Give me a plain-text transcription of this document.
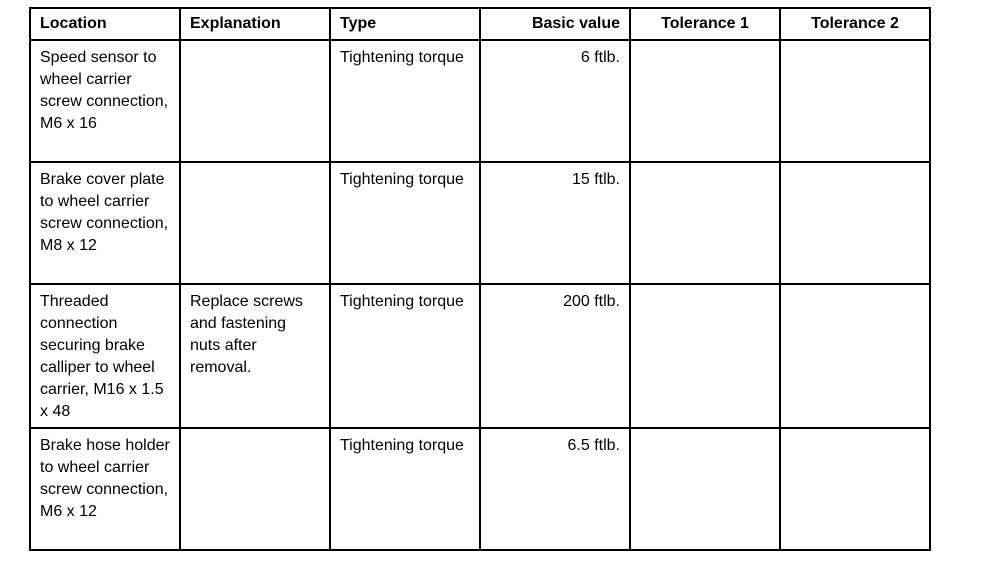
Location	Explanation	Type	Basic value	Tolerance 1	Tolerance 2
Speed sensor to wheel carrier screw connection, M6 x 16		Tightening torque	6 ftlb.		
Brake cover plate to wheel carrier screw connection, M8 x 12		Tightening torque	15 ftlb.		
Threaded connection securing brake calliper to wheel carrier, M16 x 1.5 x 48	Replace screws and fastening nuts after removal.	Tightening torque	200 ftlb.		
Brake hose holder to wheel carrier screw connection, M6 x 12		Tightening torque	6.5 ftlb.		
